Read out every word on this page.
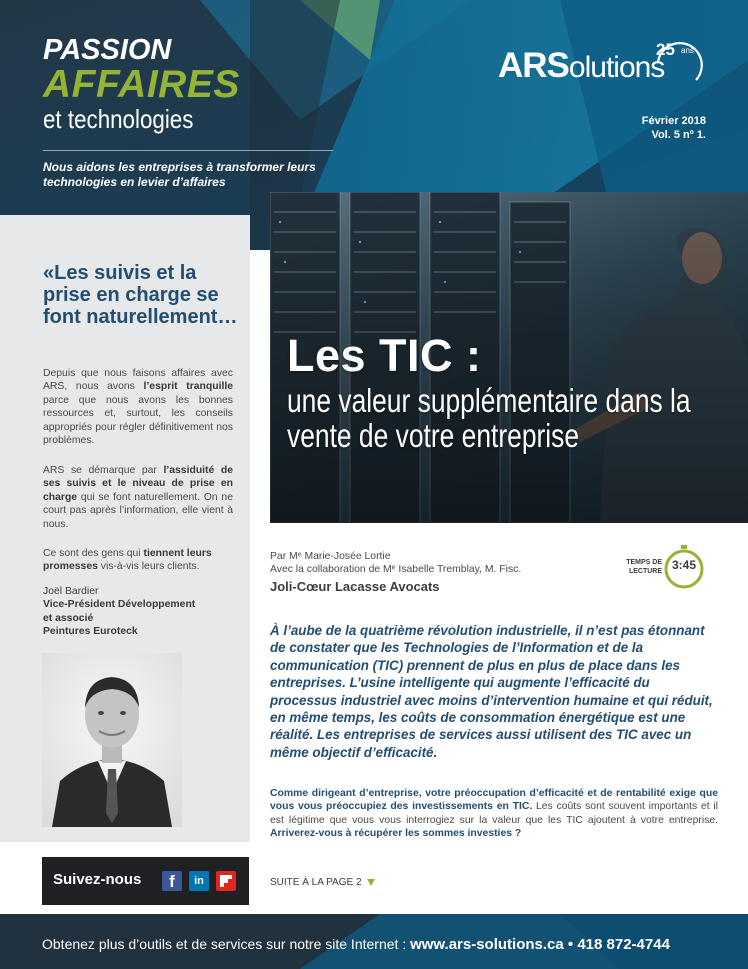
PASSION
AFFAIRES
et technologies
Nous aidons les entreprises à transformer leurs technologies en levier d’affaires
ARSolutions
25 ans
Février 2018
Vol. 5 nº 1.
«Les suivis et la prise en charge se font naturellement…
Depuis que nous faisons affaires avec ARS, nous avons l’esprit tranquille parce que nous avons les bonnes ressources et, surtout, les conseils appropriés pour régler définitivement nos problèmes.
ARS se démarque par l’assiduité de ses suivis et le niveau de prise en charge qui se font naturellement. On ne court pas après l’information, elle vient à nous.
Ce sont des gens qui tiennent leurs promesses vis-à-vis leurs clients.
Joël Bardier
Vice-Président Développement
et associé
Peintures Euroteck
Les TIC :
une valeur supplémentaire dans la vente de votre entreprise
Par Mᵉ Marie-Josée Lortie
Avec la collaboration de Mᵉ Isabelle Tremblay, M. Fisc.
Joli-Cœur Lacasse Avocats
TEMPS DE LECTURE 3:45
À l’aube de la quatrième révolution industrielle, il n’est pas étonnant de constater que les Technologies de l’Information et de la communication (TIC) prennent de plus en plus de place dans les entreprises. L’usine intelligente qui augmente l’efficacité du processus industriel avec moins d’intervention humaine et qui réduit, en même temps, les coûts de consommation énergétique est une réalité. Les entreprises de services aussi utilisent des TIC avec un même objectif d’efficacité.
Comme dirigeant d’entreprise, votre préoccupation d’efficacité et de rentabilité exige que vous vous préoccupiez des investissements en TIC. Les coûts sont souvent importants et il est légitime que vous vous interrogiez sur la valeur que les TIC ajoutent à votre entreprise. Arriverez-vous à récupérer les sommes investies ?
SUITE À LA PAGE 2
Suivez-nous	f	in
Obtenez plus d’outils et de services sur notre site Internet : www.ars-solutions.ca • 418 872-4744
